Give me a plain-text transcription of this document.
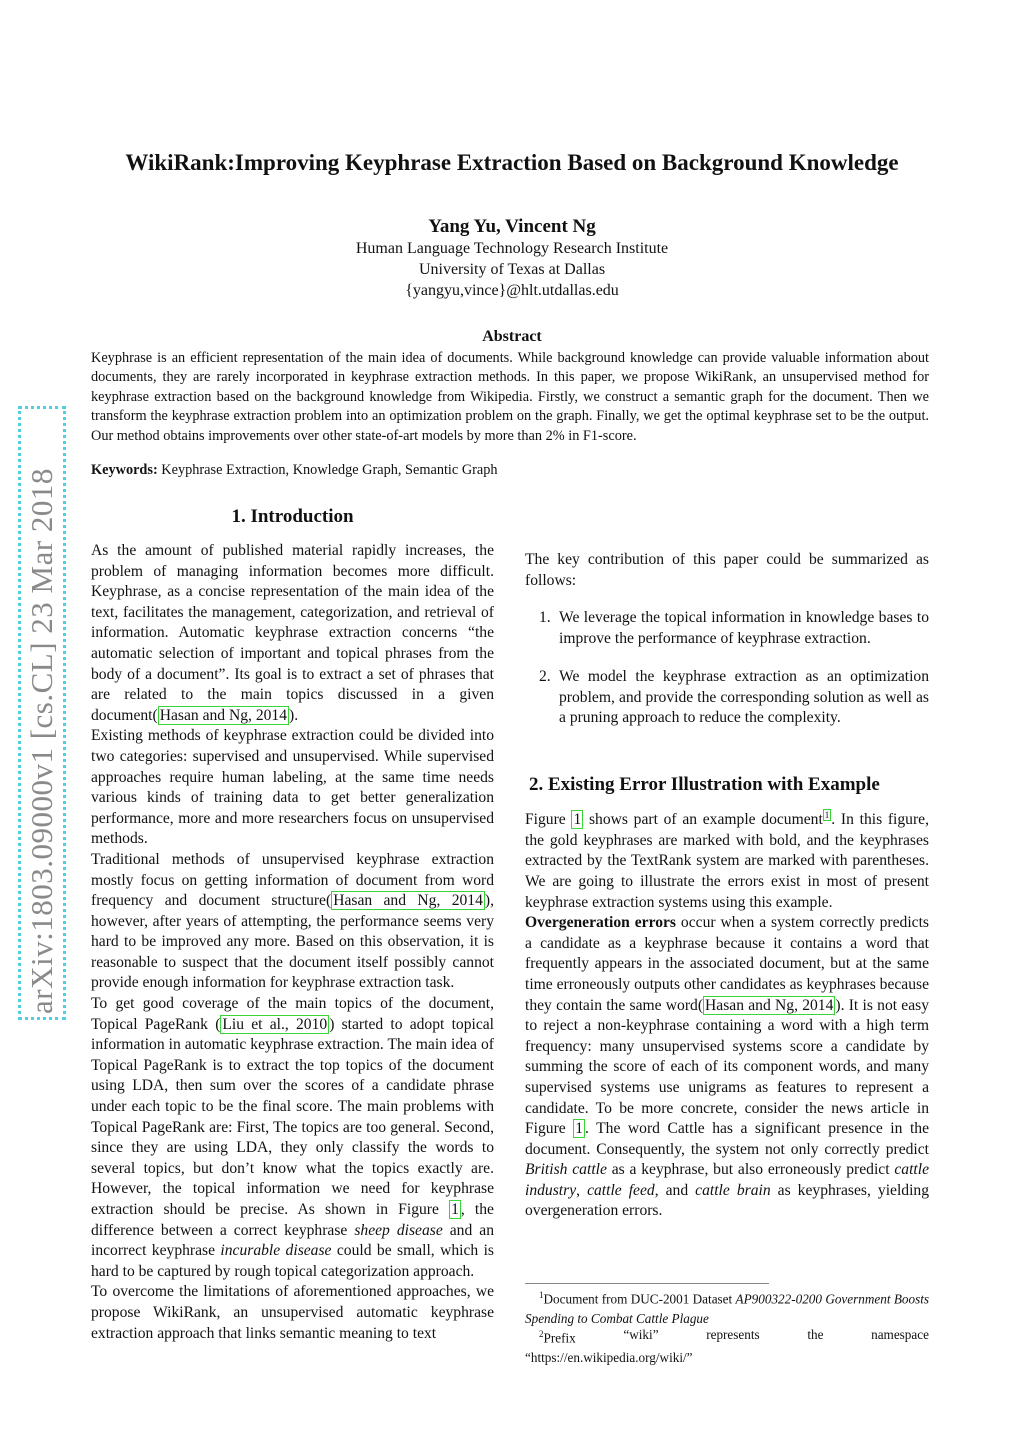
arXiv:1803.09000v1 [cs.CL] 23 Mar 2018
WikiRank:Improving Keyphrase Extraction Based on Background Knowledge
Yang Yu, Vincent Ng
Human Language Technology Research Institute
University of Texas at Dallas
{yangyu,vince}@hlt.utdallas.edu
Abstract
Keyphrase is an efficient representation of the main idea of documents. While background knowledge can provide valuable information about documents, they are rarely incorporated in keyphrase extraction methods. In this paper, we propose WikiRank, an unsupervised method for keyphrase extraction based on the background knowledge from Wikipedia. Firstly, we construct a semantic graph for the document. Then we transform the keyphrase extraction problem into an optimization problem on the graph. Finally, we get the optimal keyphrase set to be the output. Our method obtains improvements over other state-of-art models by more than 2% in F1-score.
Keywords: Keyphrase Extraction, Knowledge Graph, Semantic Graph
1. Introduction

As the amount of published material rapidly increases, the problem of managing information becomes more difficult. Keyphrase, as a concise representation of the main idea of the text, facilitates the management, categorization, and retrieval of information. Automatic keyphrase extraction concerns “the automatic selection of important and topical phrases from the body of a document”. Its goal is to extract a set of phrases that are related to the main topics discussed in a given document( Hasan and Ng, 2014 ).

Existing methods of keyphrase extraction could be divided into two categories: supervised and unsupervised. While supervised approaches require human labeling, at the same time needs various kinds of training data to get better generalization performance, more and more researchers focus on unsupervised methods.

Traditional methods of unsupervised keyphrase extraction mostly focus on getting information of document from word frequency and document structure( Hasan and Ng, 2014 ), however, after years of attempting, the performance seems very hard to be improved any more. Based on this observation, it is reasonable to suspect that the document itself possibly cannot provide enough information for keyphrase extraction task.

To get good coverage of the main topics of the document, Topical PageRank ( Liu et al., 2010 ) started to adopt topical information in automatic keyphrase extraction. The main idea of Topical PageRank is to extract the top topics of the document using LDA, then sum over the scores of a candidate phrase under each topic to be the final score. The main problems with Topical PageRank are: First, The topics are too general. Second, since they are using LDA, they only classify the words to several topics, but don’t know what the topics exactly are. However, the topical information we need for keyphrase extraction should be precise. As shown in Figure 1 , the difference between a correct keyphrase sheep disease and an incorrect keyphrase incurable disease could be small, which is hard to be captured by rough topical categorization approach.

To overcome the limitations of aforementioned approaches, we propose WikiRank, an unsupervised automatic keyphrase extraction approach that links semantic meaning to text

The key contribution of this paper could be summarized as follows:
1. We leverage the topical information in knowledge bases to improve the performance of keyphrase extraction.
2. We model the keyphrase extraction as an optimization problem, and provide the corresponding solution as well as a pruning approach to reduce the complexity.
2. Existing Error Illustration with Example

Figure 1 shows part of an example document $^1$ . In this figure, the gold keyphrases are marked with bold, and the keyphrases extracted by the TextRank system are marked with parentheses. We are going to illustrate the errors exist in most of present keyphrase extraction systems using this example.

Overgeneration errors occur when a system correctly predicts a candidate as a keyphrase because it contains a word that frequently appears in the associated document, but at the same time erroneously outputs other candidates as keyphrases because they contain the same word( Hasan and Ng, 2014 ). It is not easy to reject a non-keyphrase containing a word with a high term frequency: many unsupervised systems score a candidate by summing the score of each of its component words, and many supervised systems use unigrams as features to represent a candidate. To be more concrete, consider the news article in Figure 1 . The word Cattle has a significant presence in the document. Consequently, the system not only correctly predict British cattle as a keyphrase, but also erroneously predict cattle industry, cattle feed, and cattle brain as keyphrases, yielding overgeneration errors.

$^1$Document from DUC-2001 Dataset AP900322-0200 Government Boosts Spending to Combat Cattle Plague
$^2$Prefix	“wiki”	represents	the	namespace
“https://en.wikipedia.org/wiki/”
